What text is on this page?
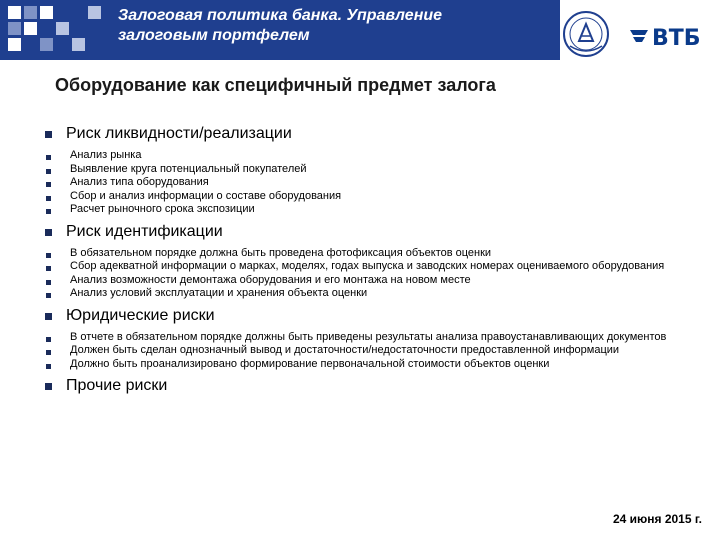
Залоговая политика банка. Управление
залоговым портфелем	ВТБ
Оборудование как специфичный предмет залога
Риск ликвидности/реализации
Анализ рынка
Выявление круга потенциальный покупателей
Анализ типа оборудования
Сбор и анализ информации о составе оборудования
Расчет рыночного срока экспозиции
Риск идентификации
В обязательном порядке должна быть проведена фотофиксация объектов оценки
Сбор адекватной информации о марках, моделях, годах выпуска и заводских номерах оцениваемого оборудования
Анализ возможности демонтажа оборудования и его монтажа на новом месте
Анализ условий эксплуатации и хранения объекта оценки
Юридические риски
В отчете в обязательном порядке должны быть приведены результаты анализа правоустанавливающих документов
Должен быть сделан однозначный вывод и достаточности/недостаточности предоставленной информации
Должно быть проанализировано формирование первоначальной стоимости объектов оценки
Прочие риски
24 июня 2015 г.
